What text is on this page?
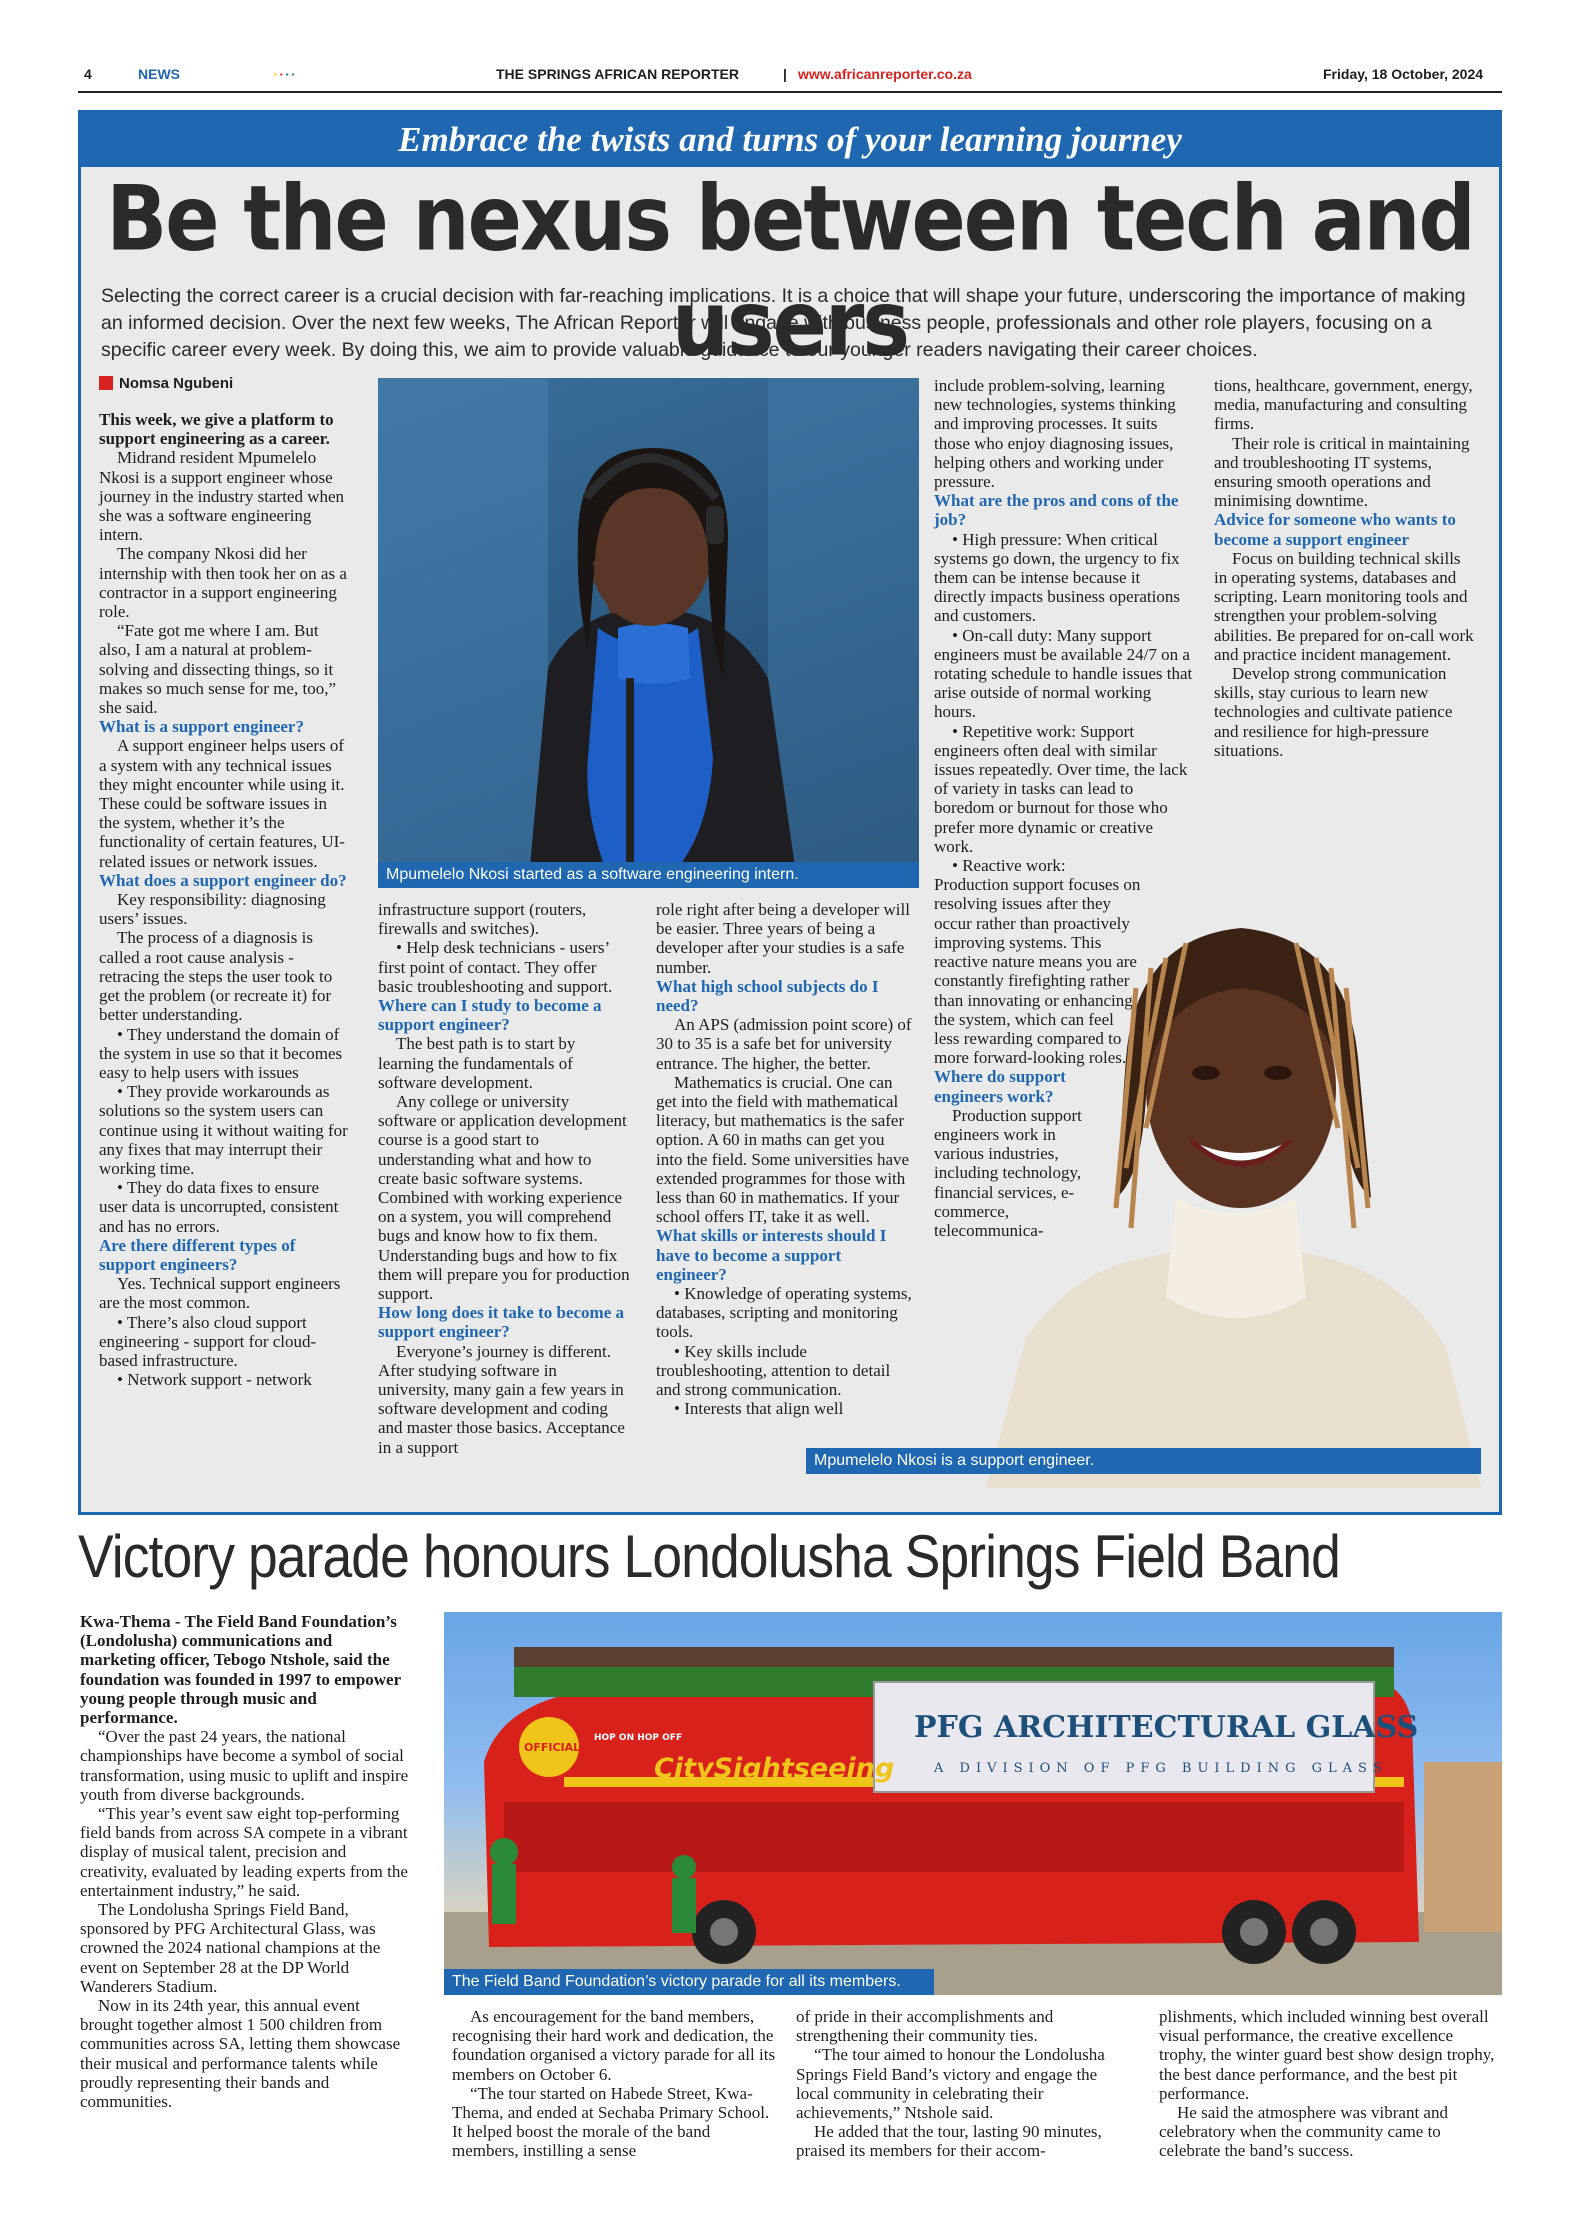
4	NEWS	▪▪▪▪	THE SPRINGS AFRICAN REPORTER	| www.africanreporter.co.za	Friday, 18 October, 2024
Embrace the twists and turns of your learning journey
Be the nexus between tech and users
Selecting the correct career is a crucial decision with far-reaching implications. It is a choice that will shape your future, underscoring the importance of making an informed decision. Over the next few weeks, The African Reporter will engage with business people, professionals and other role players, focusing on a specific career every week. By doing this, we aim to provide valuable guidance to our younger readers navigating their career choices.
Nomsa Ngubeni

This week, we give a platform to support engineering as a career.

Midrand resident Mpumelelo Nkosi is a support engineer whose journey in the industry started when she was a software engineering intern.

The company Nkosi did her internship with then took her on as a contractor in a support engineering role.

“Fate got me where I am. But also, I am a natural at problem-solving and dissecting things, so it makes so much sense for me, too,” she said.

What is a support engineer?

A support engineer helps users of a system with any technical issues they might encounter while using it. These could be software issues in the system, whether it’s the functionality of certain features, UI-related issues or network issues.

What does a support engineer do?

Key responsibility: diagnosing users’ issues.

The process of a diagnosis is called a root cause analysis - retracing the steps the user took to get the problem (or recreate it) for better understanding.

• They understand the domain of the system in use so that it becomes easy to help users with issues
• They provide workarounds as solutions so the system users can continue using it without waiting for any fixes that may interrupt their working time.
• They do data fixes to ensure user data is uncorrupted, consistent and has no errors.
Are there different types of support engineers?

Yes. Technical support engineers are the most common.

• There’s also cloud support engineering - support for cloud-based infrastructure.
• Network support - network
Mpumelelo Nkosi started as a software engineering intern.

infrastructure support (routers, firewalls and switches).

• Help desk technicians - users’ first point of contact. They offer basic troubleshooting and support.
Where can I study to become a support engineer?

The best path is to start by learning the fundamentals of software development.

Any college or university software or application development course is a good start to understanding what and how to create basic software systems. Combined with working experience on a system, you will comprehend bugs and know how to fix them. Understanding bugs and how to fix them will prepare you for production support.

How long does it take to become a support engineer?

Everyone’s journey is different. After studying software in university, many gain a few years in software development and coding and master those basics. Acceptance in a support

role right after being a developer will be easier. Three years of being a developer after your studies is a safe number.

What high school subjects do I need?

An APS (admission point score) of 30 to 35 is a safe bet for university entrance. The higher, the better.

Mathematics is crucial. One can get into the field with mathematical literacy, but mathematics is the safer option. A 60 in maths can get you into the field. Some universities have extended programmes for those with less than 60 in mathematics. If your school offers IT, take it as well.

What skills or interests should I have to become a support engineer?
• Knowledge of operating systems, databases, scripting and monitoring tools.
• Key skills include troubleshooting, attention to detail and strong communication.
• Interests that align well

include problem-solving, learning new technologies, systems thinking and improving processes. It suits those who enjoy diagnosing issues, helping others and working under pressure.

What are the pros and cons of the job?
• High pressure: When critical systems go down, the urgency to fix them can be intense because it directly impacts business operations and customers.
• On-call duty: Many support engineers must be available 24/7 on a rotating schedule to handle issues that arise outside of normal working hours.
• Repetitive work: Support engineers often deal with similar issues repeatedly. Over time, the lack of variety in tasks can lead to boredom or burnout for those who prefer more dynamic or creative work.
• Reactive work: Production support focuses on resolving issues after they occur rather than proactively improving systems. This reactive nature means you are constantly firefighting rather than innovating or enhancing the system, which can feel less rewarding compared to more forward-looking roles.
Where do support engineers work?

Production support engineers work in various industries, including technology, financial services, e-commerce, telecommunica-

tions, healthcare, government, energy, media, manufacturing and consulting firms.

Their role is critical in maintaining and troubleshooting IT systems, ensuring smooth operations and minimising downtime.

Advice for someone who wants to become a support engineer

Focus on building technical skills in operating systems, databases and scripting. Learn monitoring tools and strengthen your problem-solving abilities. Be prepared for on-call work and practice incident management.

Develop strong communication skills, stay curious to learn new technologies and cultivate patience and resilience for high-pressure situations.

Mpumelelo Nkosi is a support engineer.
Victory parade honours Londolusha Springs Field Band

Kwa-Thema - The Field Band Foundation’s (Londolusha) communications and marketing officer, Tebogo Ntshole, said the foundation was founded in 1997 to empower young people through music and performance.

“Over the past 24 years, the national championships have become a symbol of social transformation, using music to uplift and inspire youth from diverse backgrounds.

“This year’s event saw eight top-performing field bands from across SA compete in a vibrant display of musical talent, precision and creativity, evaluated by leading experts from the entertainment industry,” he said.

The Londolusha Springs Field Band, sponsored by PFG Architectural Glass, was crowned the 2024 national champions at the event on September 28 at the DP World Wanderers Stadium.

Now in its 24th year, this annual event brought together almost 1 500 children from communities across SA, letting them showcase their musical and performance talents while proudly representing their bands and communities.

PFG ARCHITECTURAL GLASS
A DIVISION OF PFG BUILDING GLASS
CitySightseeing
OFFICIAL
HOP ON HOP OFF
The Field Band Foundation’s victory parade for all its members.

As encouragement for the band members, recognising their hard work and dedication, the foundation organised a victory parade for all its members on October 6.

“The tour started on Habede Street, Kwa-Thema, and ended at Sechaba Primary School. It helped boost the morale of the band members, instilling a sense

of pride in their accomplishments and strengthening their community ties.

“The tour aimed to honour the Londolusha Springs Field Band’s victory and engage the local community in celebrating their achievements,” Ntshole said.

He added that the tour, lasting 90 minutes, praised its members for their accom-

plishments, which included winning best overall visual performance, the creative excellence trophy, the winter guard best show design trophy, the best dance performance, and the best pit performance.

He said the atmosphere was vibrant and celebratory when the community came to celebrate the band’s success.
